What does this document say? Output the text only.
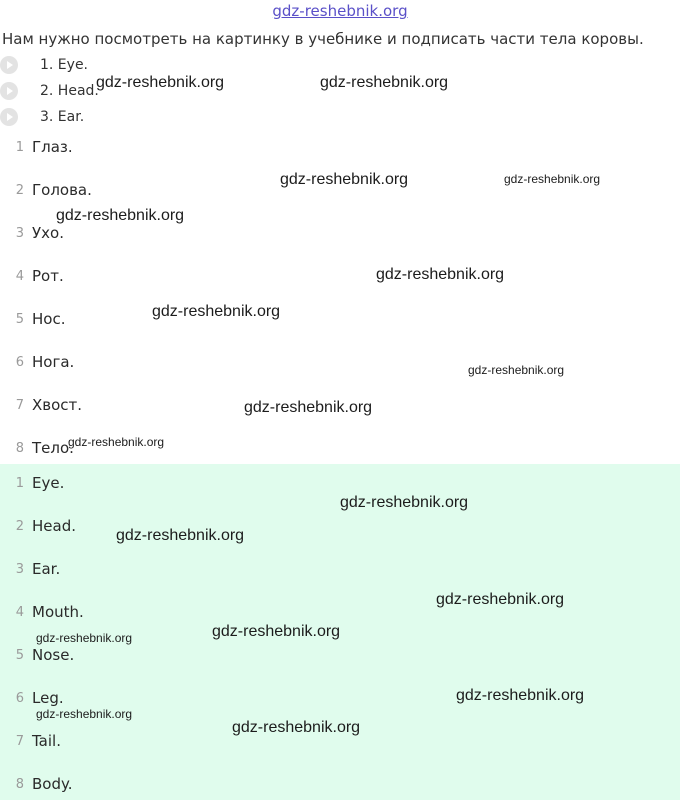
gdz-reshebnik.org
Нам нужно посмотреть на картинку в учебнике и подписать части тела коровы.
1. Eye.
2. Head.
3. Ear.
1 Глаз.
2 Голова.
3 Ухо.
4 Рот.
5 Нос.
6 Нога.
7 Хвост.
8 Тело.
1 Eye.
2 Head.
3 Ear.
4 Mouth.
5 Nose.
6 Leg.
7 Tail.
8 Body.
gdz-reshebnik.org	gdz-reshebnik.org
gdz-reshebnik.org	gdz-reshebnik.org
gdz-reshebnik.org
gdz-reshebnik.org
gdz-reshebnik.org
gdz-reshebnik.org
gdz-reshebnik.org
gdz-reshebnik.org
gdz-reshebnik.org
gdz-reshebnik.org
gdz-reshebnik.org
gdz-reshebnik.org	gdz-reshebnik.org
gdz-reshebnik.org
gdz-reshebnik.org
gdz-reshebnik.org
